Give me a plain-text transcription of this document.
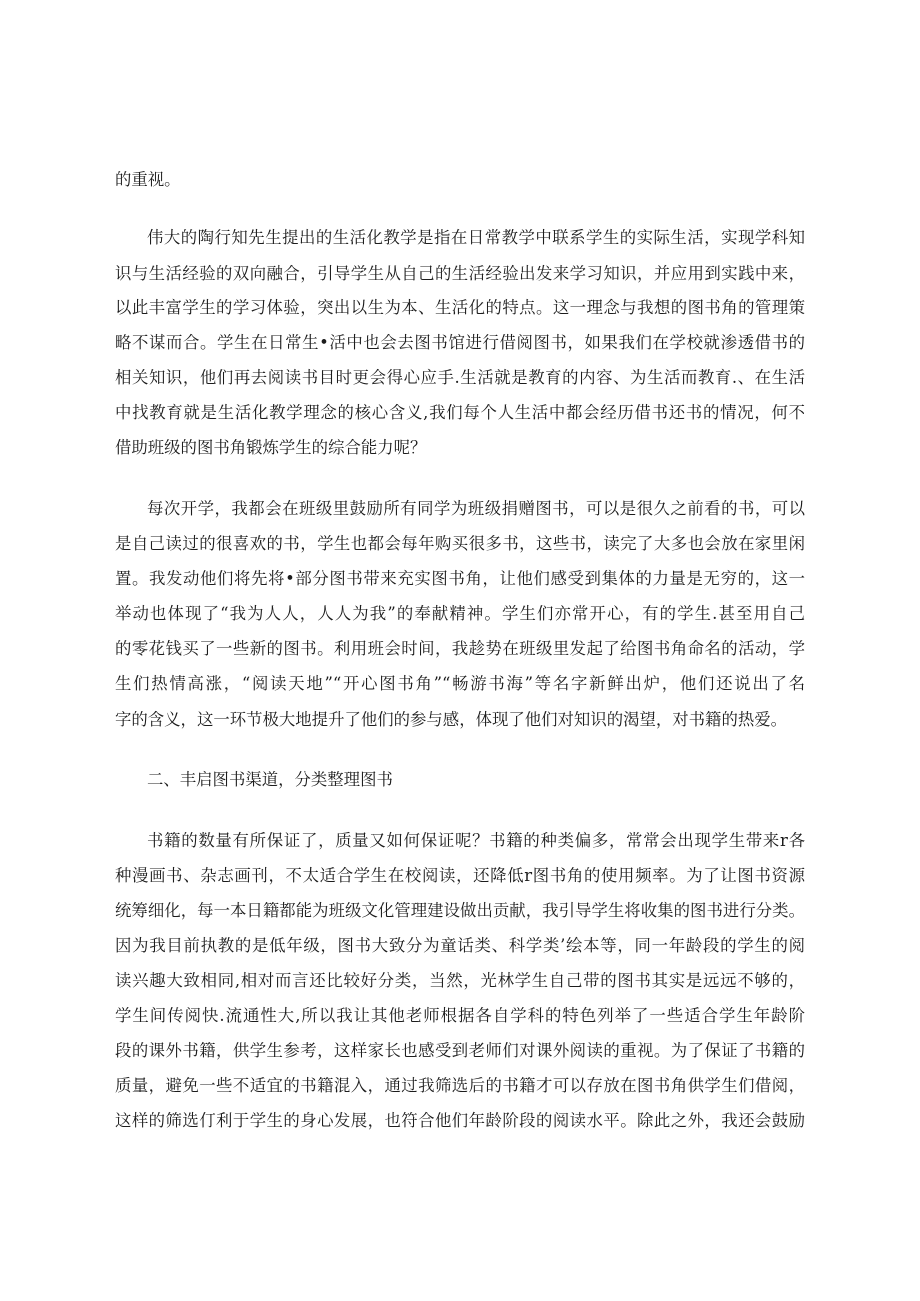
的重视。
伟大的陶行知先生提出的生活化教学是指在日常教学中联系学生的实际生活，实现学科知
识与生活经验的双向融合，引导学生从自己的生活经验出发来学习知识，并应用到实践中来，
以此丰富学生的学习体验，突出以生为本、生活化的特点。这一理念与我想的图书角的管理策
略不谋而合。学生在日常生•活中也会去图书馆进行借阅图书，如果我们在学校就渗透借书的
相关知识，他们再去阅读书目时更会得心应手.生活就是教育的内容、为生活而教育.、在生活
中找教育就是生活化教学理念的核心含义,我们每个人生活中都会经历借书还书的情况，何不
借助班级的图书角锻炼学生的综合能力呢？
每次开学，我都会在班级里鼓励所有同学为班级捐赠图书，可以是很久之前看的书，可以
是自己读过的很喜欢的书，学生也都会每年购买很多书，这些书，读完了大多也会放在家里闲
置。我发动他们将先将•部分图书带来充实图书角，让他们感受到集体的力量是无穷的，这一
举动也体现了“我为人人，人人为我”的奉献精神。学生们亦常开心，有的学生.甚至用自己
的零花钱买了一些新的图书。利用班会时间，我趁势在班级里发起了给图书角命名的活动，学
生们热情高涨，“阅读天地”“开心图书角”“畅游书海”等名字新鲜出炉，他们还说出了名
字的含义，这一环节极大地提升了他们的参与感，体现了他们对知识的渴望，对书籍的热爱。
二、丰启图书渠道，分类整理图书
书籍的数量有所保证了，质量又如何保证呢？书籍的种类偏多，常常会出现学生带来r各
种漫画书、杂志画刊，不太适合学生在校阅读，还降低r图书角的使用频率。为了让图书资源
统筹细化，每一本日籍都能为班级文化管理建设做出贡献，我引导学生将收集的图书进行分类。
因为我目前执教的是低年级，图书大致分为童话类、科学类’绘本等，同一年龄段的学生的阅
读兴趣大致相同,相对而言还比较好分类，当然，光林学生自己带的图书其实是远远不够的，
学生间传阅快.流通性大,所以我让其他老师根据各自学科的特色列举了一些适合学生年龄阶
段的课外书籍，供学生参考，这样家长也感受到老师们对课外阅读的重视。为了保证了书籍的
质量，避免一些不适宜的书籍混入，通过我筛选后的书籍才可以存放在图书角供学生们借阅，
这样的筛选仃利于学生的身心发展，也符合他们年龄阶段的阅读水平。除此之外，我还会鼓励
